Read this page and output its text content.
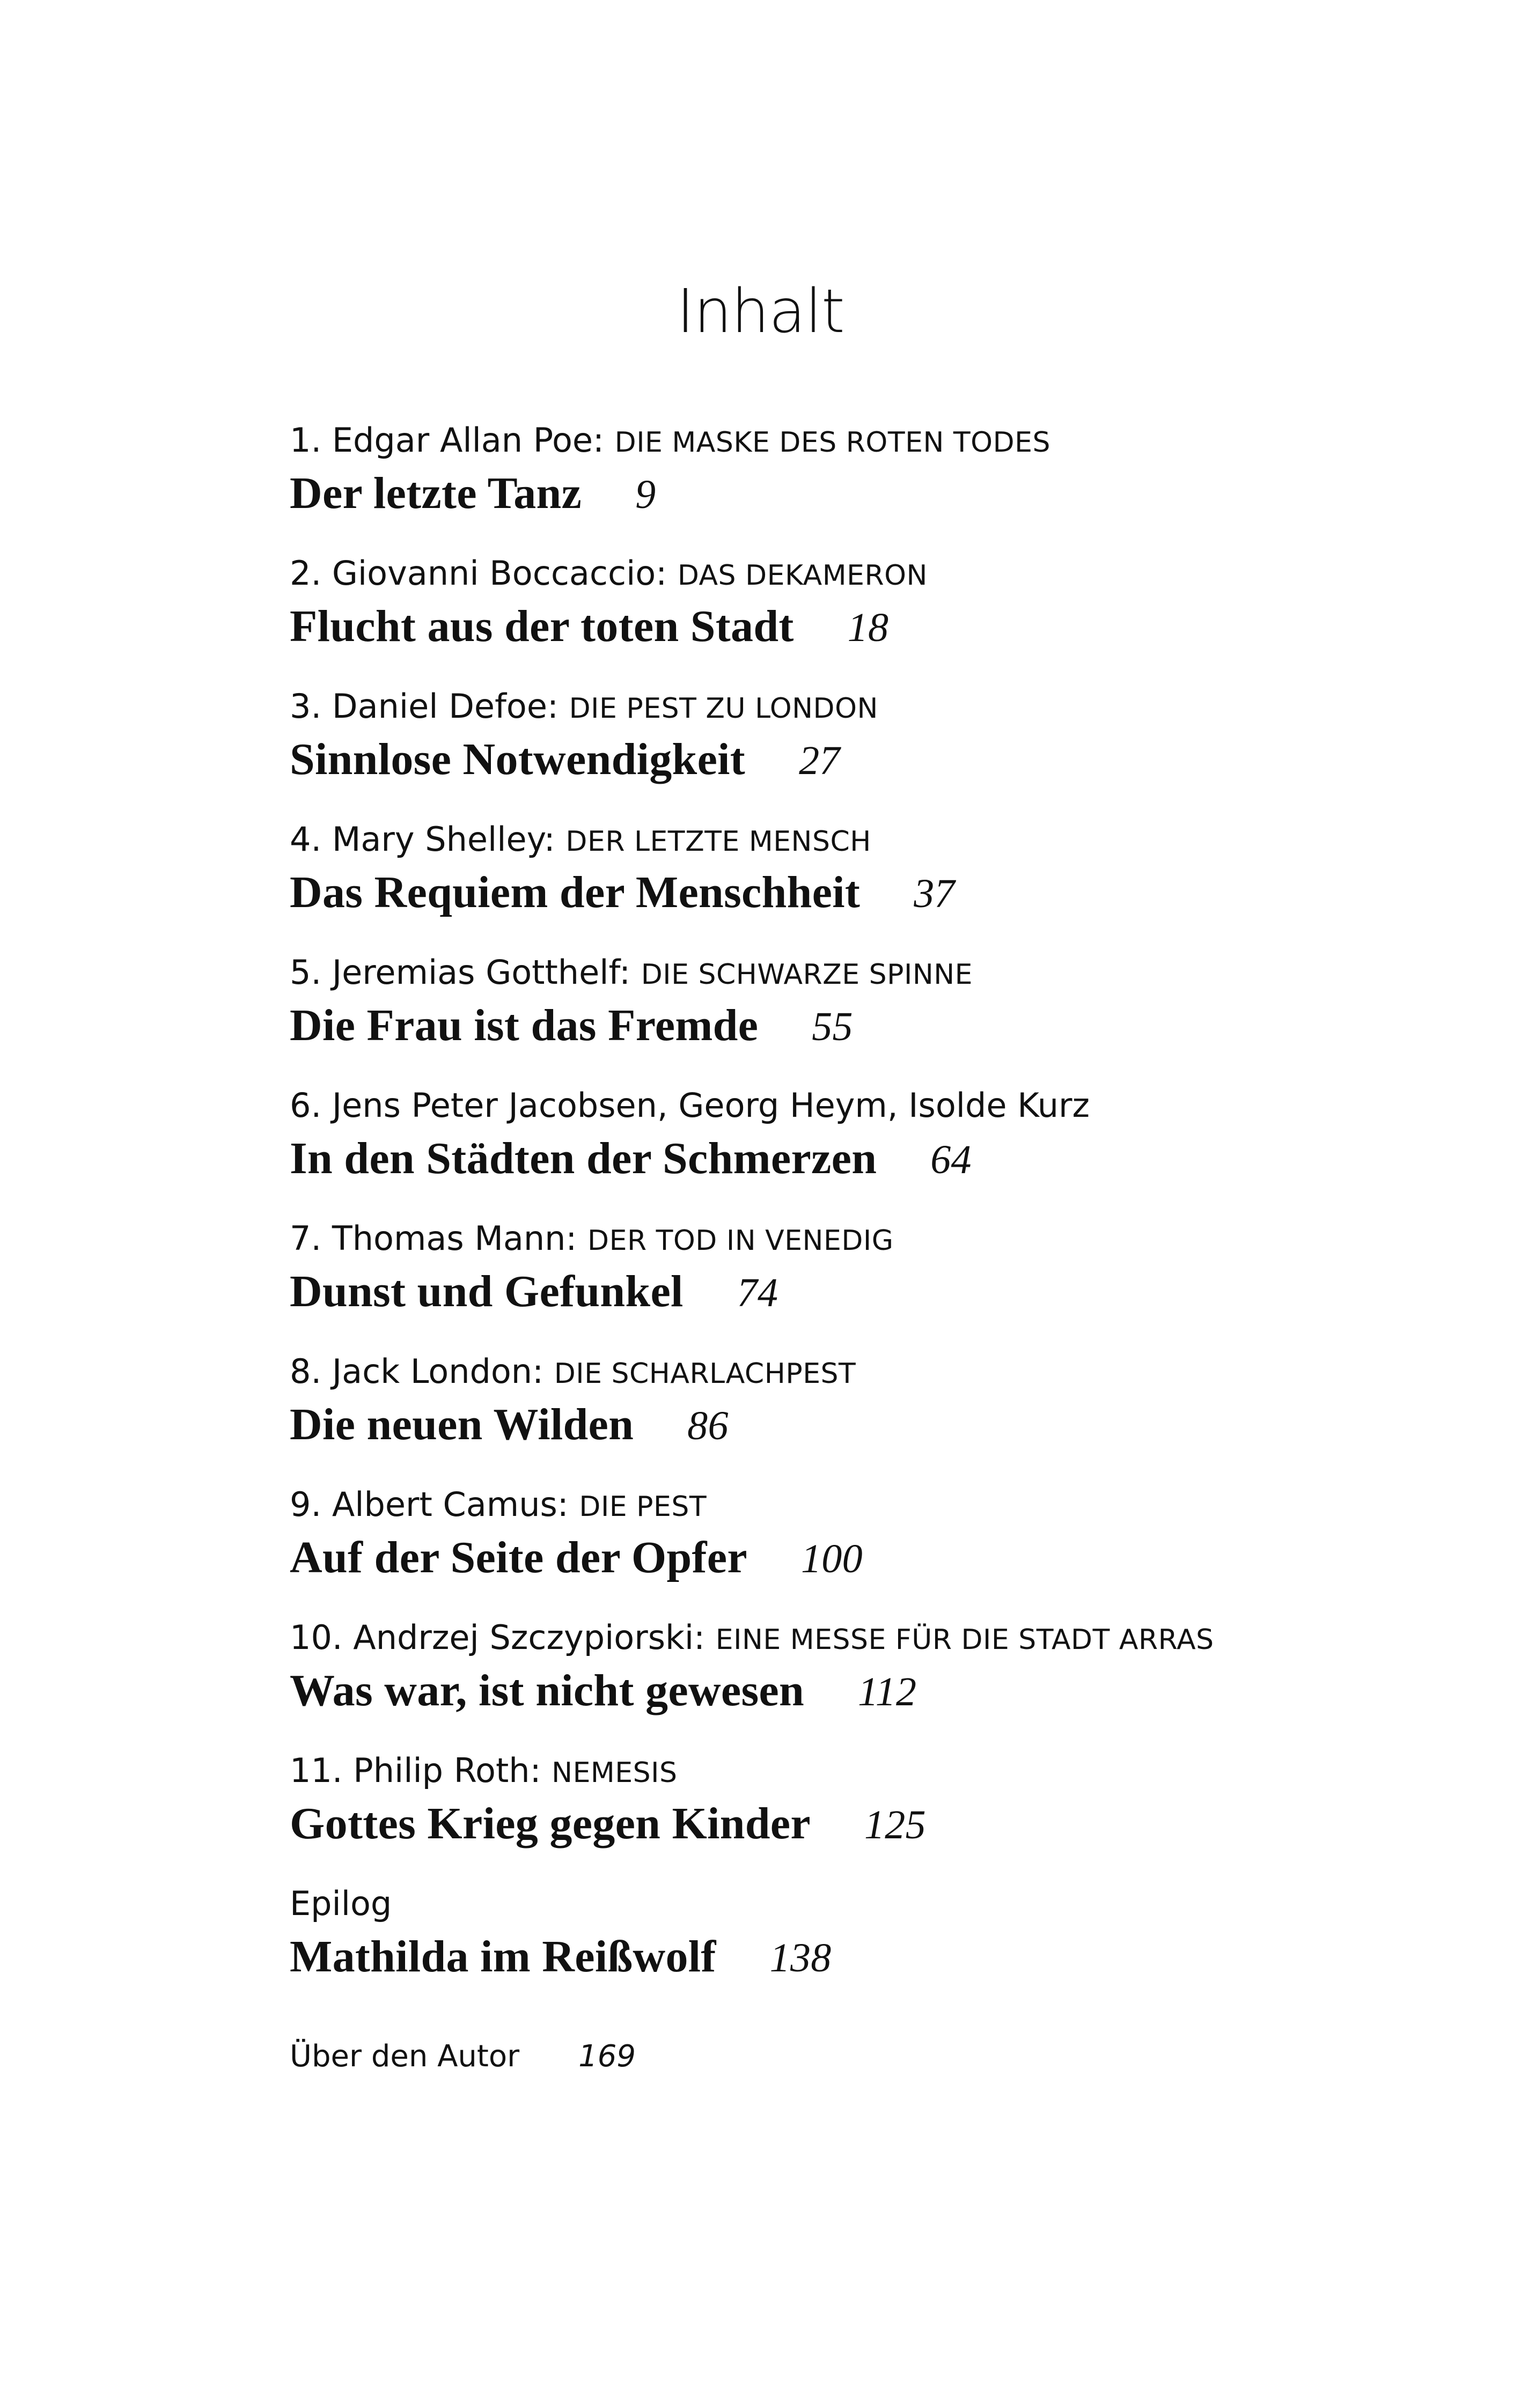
Inhalt
1. Edgar Allan Poe: DIE MASKE DES ROTEN TODES
Der letzte Tanz 9
2. Giovanni Boccaccio: DAS DEKAMERON
Flucht aus der toten Stadt 18
3. Daniel Defoe: DIE PEST ZU LONDON
Sinnlose Notwendigkeit 27
4. Mary Shelley: DER LETZTE MENSCH
Das Requiem der Menschheit 37
5. Jeremias Gotthelf: DIE SCHWARZE SPINNE
Die Frau ist das Fremde 55
6. Jens Peter Jacobsen, Georg Heym, Isolde Kurz
In den Städten der Schmerzen 64
7. Thomas Mann: DER TOD IN VENEDIG
Dunst und Gefunkel 74
8. Jack London: DIE SCHARLACHPEST
Die neuen Wilden 86
9. Albert Camus: DIE PEST
Auf der Seite der Opfer 100
10. Andrzej Szczypiorski: EINE MESSE FÜR DIE STADT ARRAS
Was war, ist nicht gewesen 112
11. Philip Roth: NEMESIS
Gottes Krieg gegen Kinder 125
Epilog
Mathilda im Reißwolf 138
Über den Autor 169
